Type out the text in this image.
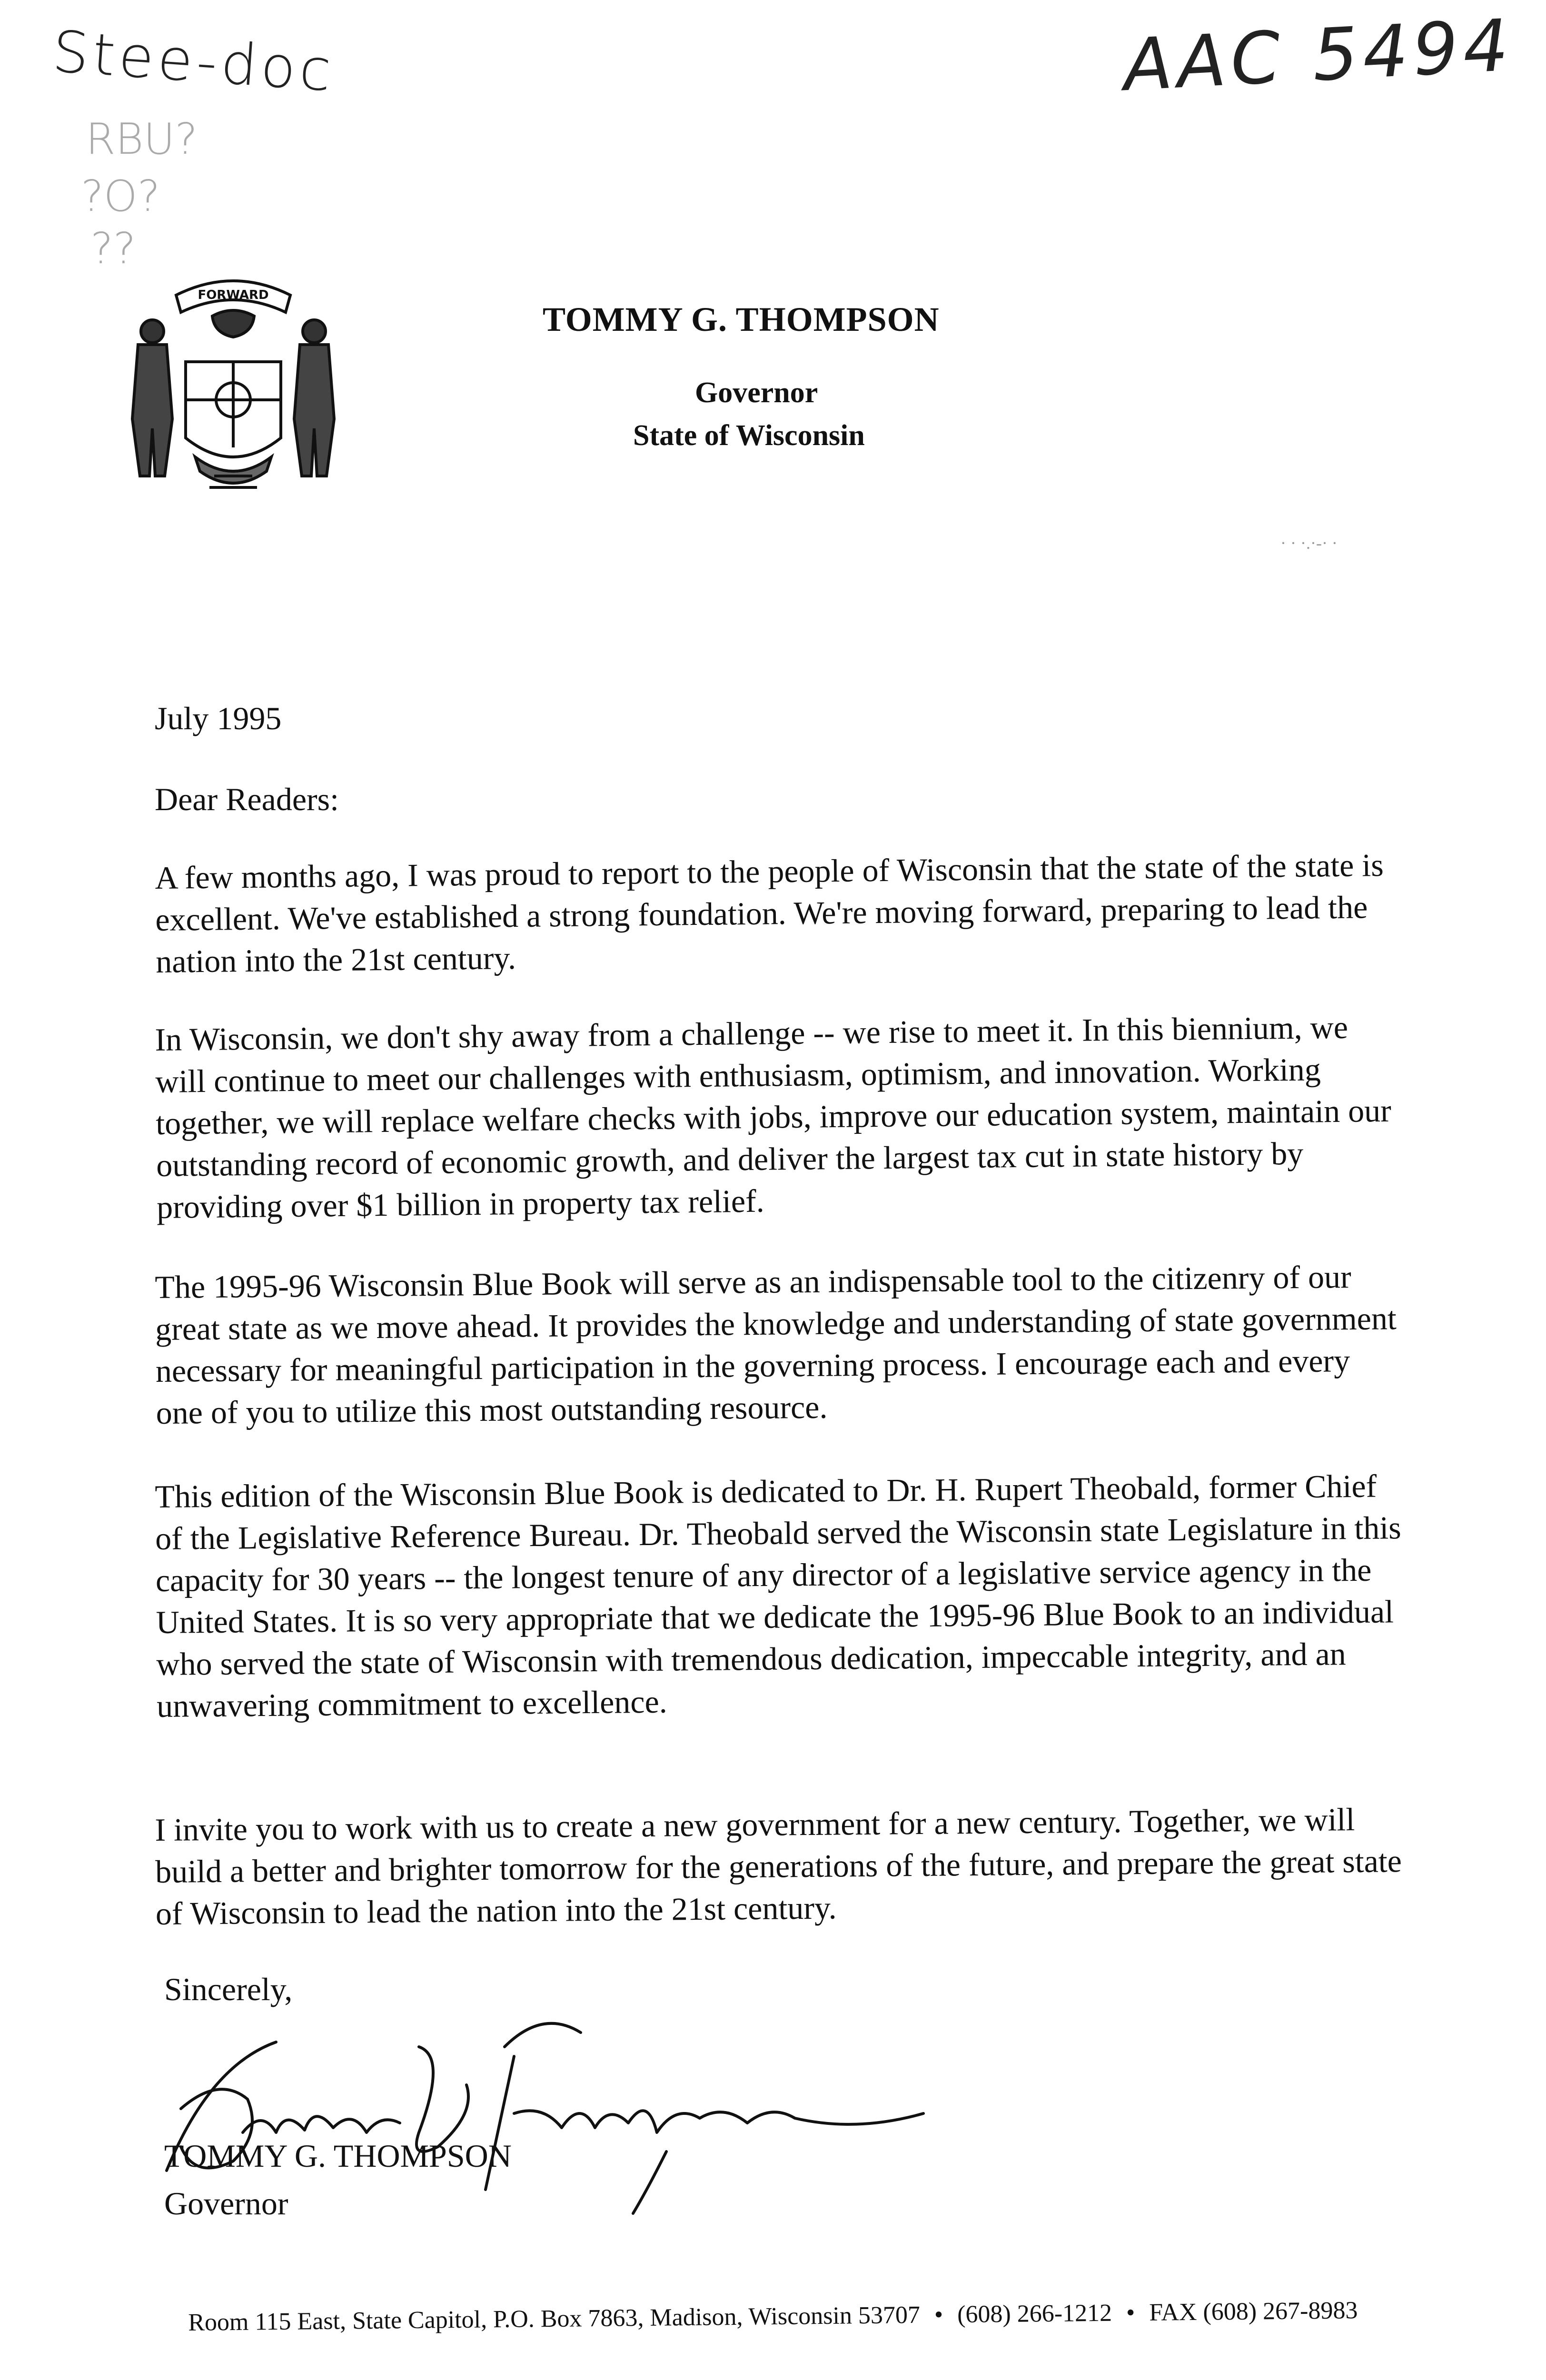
Stee-doc	AAC 5494
RBU?
?O?
??
FORWARD
TOMMY G. THOMPSON
Governor
State of Wisconsin
· · ·.·-· ·
July 1995
Dear Readers:

A few months ago, I was proud to report to the people of Wisconsin that the state of the state is excellent. We've established a strong foundation. We're moving forward, preparing to lead the nation into the 21st century.

In Wisconsin, we don't shy away from a challenge -- we rise to meet it. In this biennium, we will continue to meet our challenges with enthusiasm, optimism, and innovation. Working together, we will replace welfare checks with jobs, improve our education system, maintain our outstanding record of economic growth, and deliver the largest tax cut in state history by providing over $1 billion in property tax relief.

The 1995-96 Wisconsin Blue Book will serve as an indispensable tool to the citizenry of our great state as we move ahead. It provides the knowledge and understanding of state government necessary for meaningful participation in the governing process. I encourage each and every one of you to utilize this most outstanding resource.

This edition of the Wisconsin Blue Book is dedicated to Dr. H. Rupert Theobald, former Chief of the Legislative Reference Bureau. Dr. Theobald served the Wisconsin state Legislature in this capacity for 30 years -- the longest tenure of any director of a legislative service agency in the United States. It is so very appropriate that we dedicate the 1995-96 Blue Book to an individual who served the state of Wisconsin with tremendous dedication, impeccable integrity, and an unwavering commitment to excellence.

I invite you to work with us to create a new government for a new century. Together, we will build a better and brighter tomorrow for the generations of the future, and prepare the great state of Wisconsin to lead the nation into the 21st century.

Sincerely,
TOMMY G. THOMPSON
Governor
Room 115 East, State Capitol, P.O. Box 7863, Madison, Wisconsin 53707 • (608) 266-1212 • FAX (608) 267-8983
